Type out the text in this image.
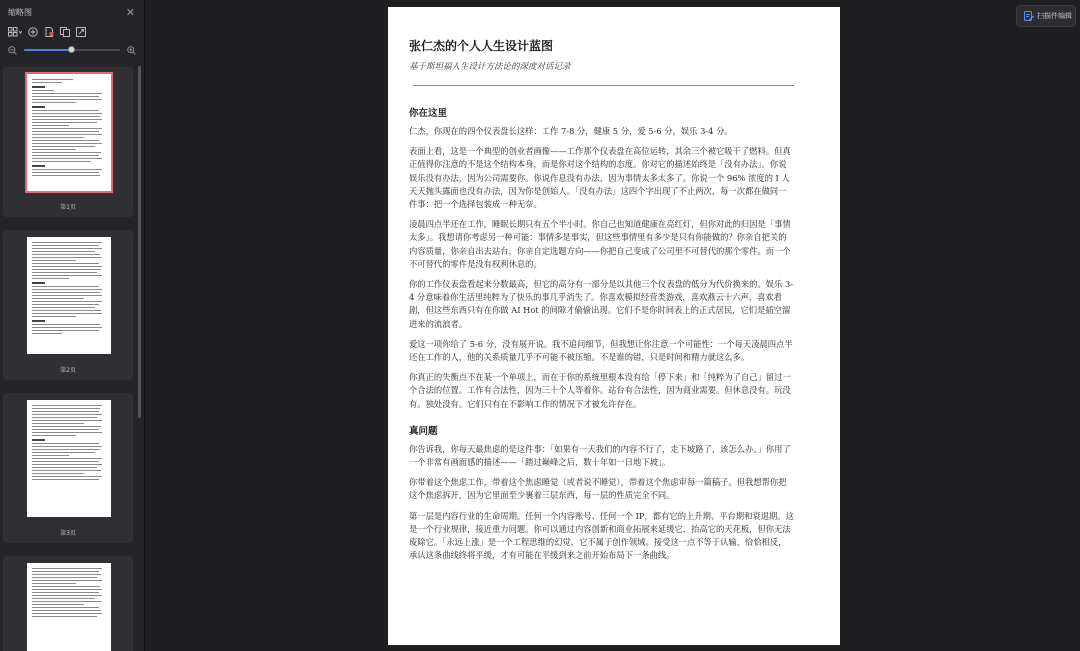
缩略图	✕
第1页
第2页
第3页
张仁杰的个人人生设计蓝图
基于斯坦福人生设计方法论的深度对话记录
你在这里

仁杰，你现在的四个仪表盘长这样：工作 7-8 分，健康 5 分，爱 5-6 分，娱乐 3-4 分。

表面上看，这是一个典型的创业者画像——工作那个仪表盘在高位运转，其余三个被它吸干了燃料。但真正值得你注意的不是这个结构本身，而是你对这个结构的态度。你对它的描述始终是「没有办法」。你说娱乐没有办法，因为公司需要你。你说作息没有办法，因为事情太多太多了。你说一个 96% 浓度的 I 人天天抛头露面也没有办法，因为你是创始人。「没有办法」这四个字出现了不止两次，每一次都在做同一件事：把一个选择包装成一种无奈。

凌晨四点半还在工作，睡眠长期只有五个半小时。你自己也知道健康在亮红灯，但你对此的归因是「事情太多」。我想请你考虑另一种可能：事情多是事实，但这些事情里有多少是只有你能做的？你亲自把关的内容质量，你亲自出去站台，你亲自定选题方向——你把自己变成了公司里不可替代的那个零件。而一个不可替代的零件是没有权利休息的。

你的工作仪表盘看起来分数最高，但它的高分有一部分是以其他三个仪表盘的低分为代价换来的。娱乐 3-4 分意味着你生活里纯粹为了快乐的事几乎消失了。你喜欢模拟经营类游戏，喜欢燕云十六声，喜欢看剧，但这些东西只有在你做 AI Hot 的间隙才偷偷出现。它们不是你时间表上的正式居民，它们是插空溜进来的流浪者。

爱这一项你给了 5-6 分，没有展开说。我不追问细节，但我想让你注意一个可能性：一个每天凌晨四点半还在工作的人，他的关系质量几乎不可能不被压缩。不是谁的错，只是时间和精力就这么多。

你真正的失衡点不在某一个单项上，而在于你的系统里根本没有给「停下来」和「纯粹为了自己」留过一个合法的位置。工作有合法性，因为三十个人等着你。站台有合法性，因为商业需要。但休息没有。玩没有。独处没有。它们只有在不影响工作的情况下才被允许存在。

真问题

你告诉我，你每天最焦虑的是这件事：「如果有一天我们的内容不行了，走下坡路了，该怎么办。」你用了一个非常有画面感的描述——「踏过巅峰之后，数十年如一日地下坡」。

你带着这个焦虑工作，带着这个焦虑睡觉（或者说不睡觉），带着这个焦虑审每一篇稿子。但我想帮你把这个焦虑拆开，因为它里面至少裹着三层东西，每一层的性质完全不同。

第一层是内容行业的生命周期。任何一个内容账号、任何一个 IP，都有它的上升期、平台期和衰退期。这是一个行业规律，接近重力问题。你可以通过内容创新和商业拓展来延缓它、抬高它的天花板，但你无法废除它。「永远上涨」是一个工程思维的幻觉，它不属于创作领域。接受这一点不等于认输，恰恰相反，承认这条曲线终将平缓，才有可能在平缓到来之前开始布局下一条曲线。

扫描件编辑
